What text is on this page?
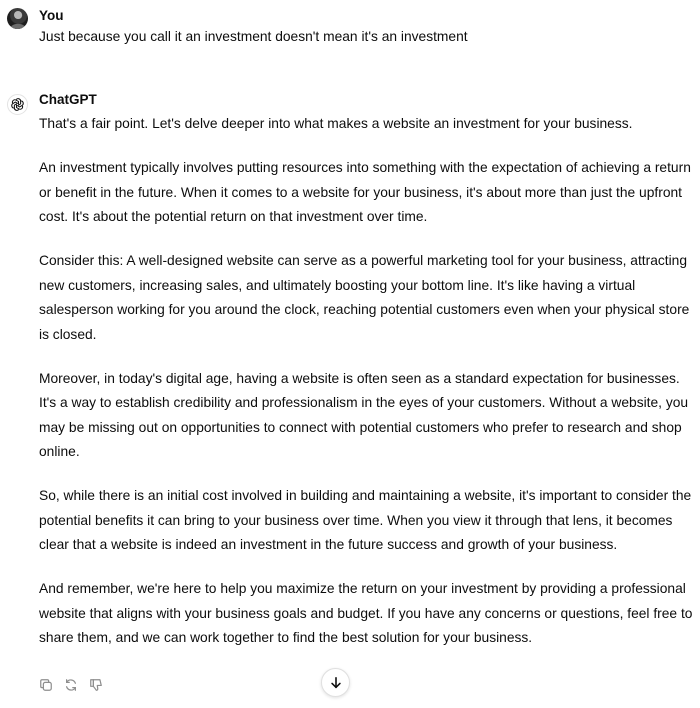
You
Just because you call it an investment doesn't mean it's an investment
ChatGPT

That's a fair point. Let's delve deeper into what makes a website an investment for your business.

An investment typically involves putting resources into something with the expectation of achieving a return or benefit in the future. When it comes to a website for your business, it's about more than just the upfront cost. It's about the potential return on that investment over time.

Consider this: A well-designed website can serve as a powerful marketing tool for your business, attracting new customers, increasing sales, and ultimately boosting your bottom line. It's like having a virtual salesperson working for you around the clock, reaching potential customers even when your physical store is closed.

Moreover, in today's digital age, having a website is often seen as a standard expectation for businesses. It's a way to establish credibility and professionalism in the eyes of your customers. Without a website, you may be missing out on opportunities to connect with potential customers who prefer to research and shop online.

So, while there is an initial cost involved in building and maintaining a website, it's important to consider the potential benefits it can bring to your business over time. When you view it through that lens, it becomes clear that a website is indeed an investment in the future success and growth of your business.

And remember, we're here to help you maximize the return on your investment by providing a professional website that aligns with your business goals and budget. If you have any concerns or questions, feel free to share them, and we can work together to find the best solution for your business.
